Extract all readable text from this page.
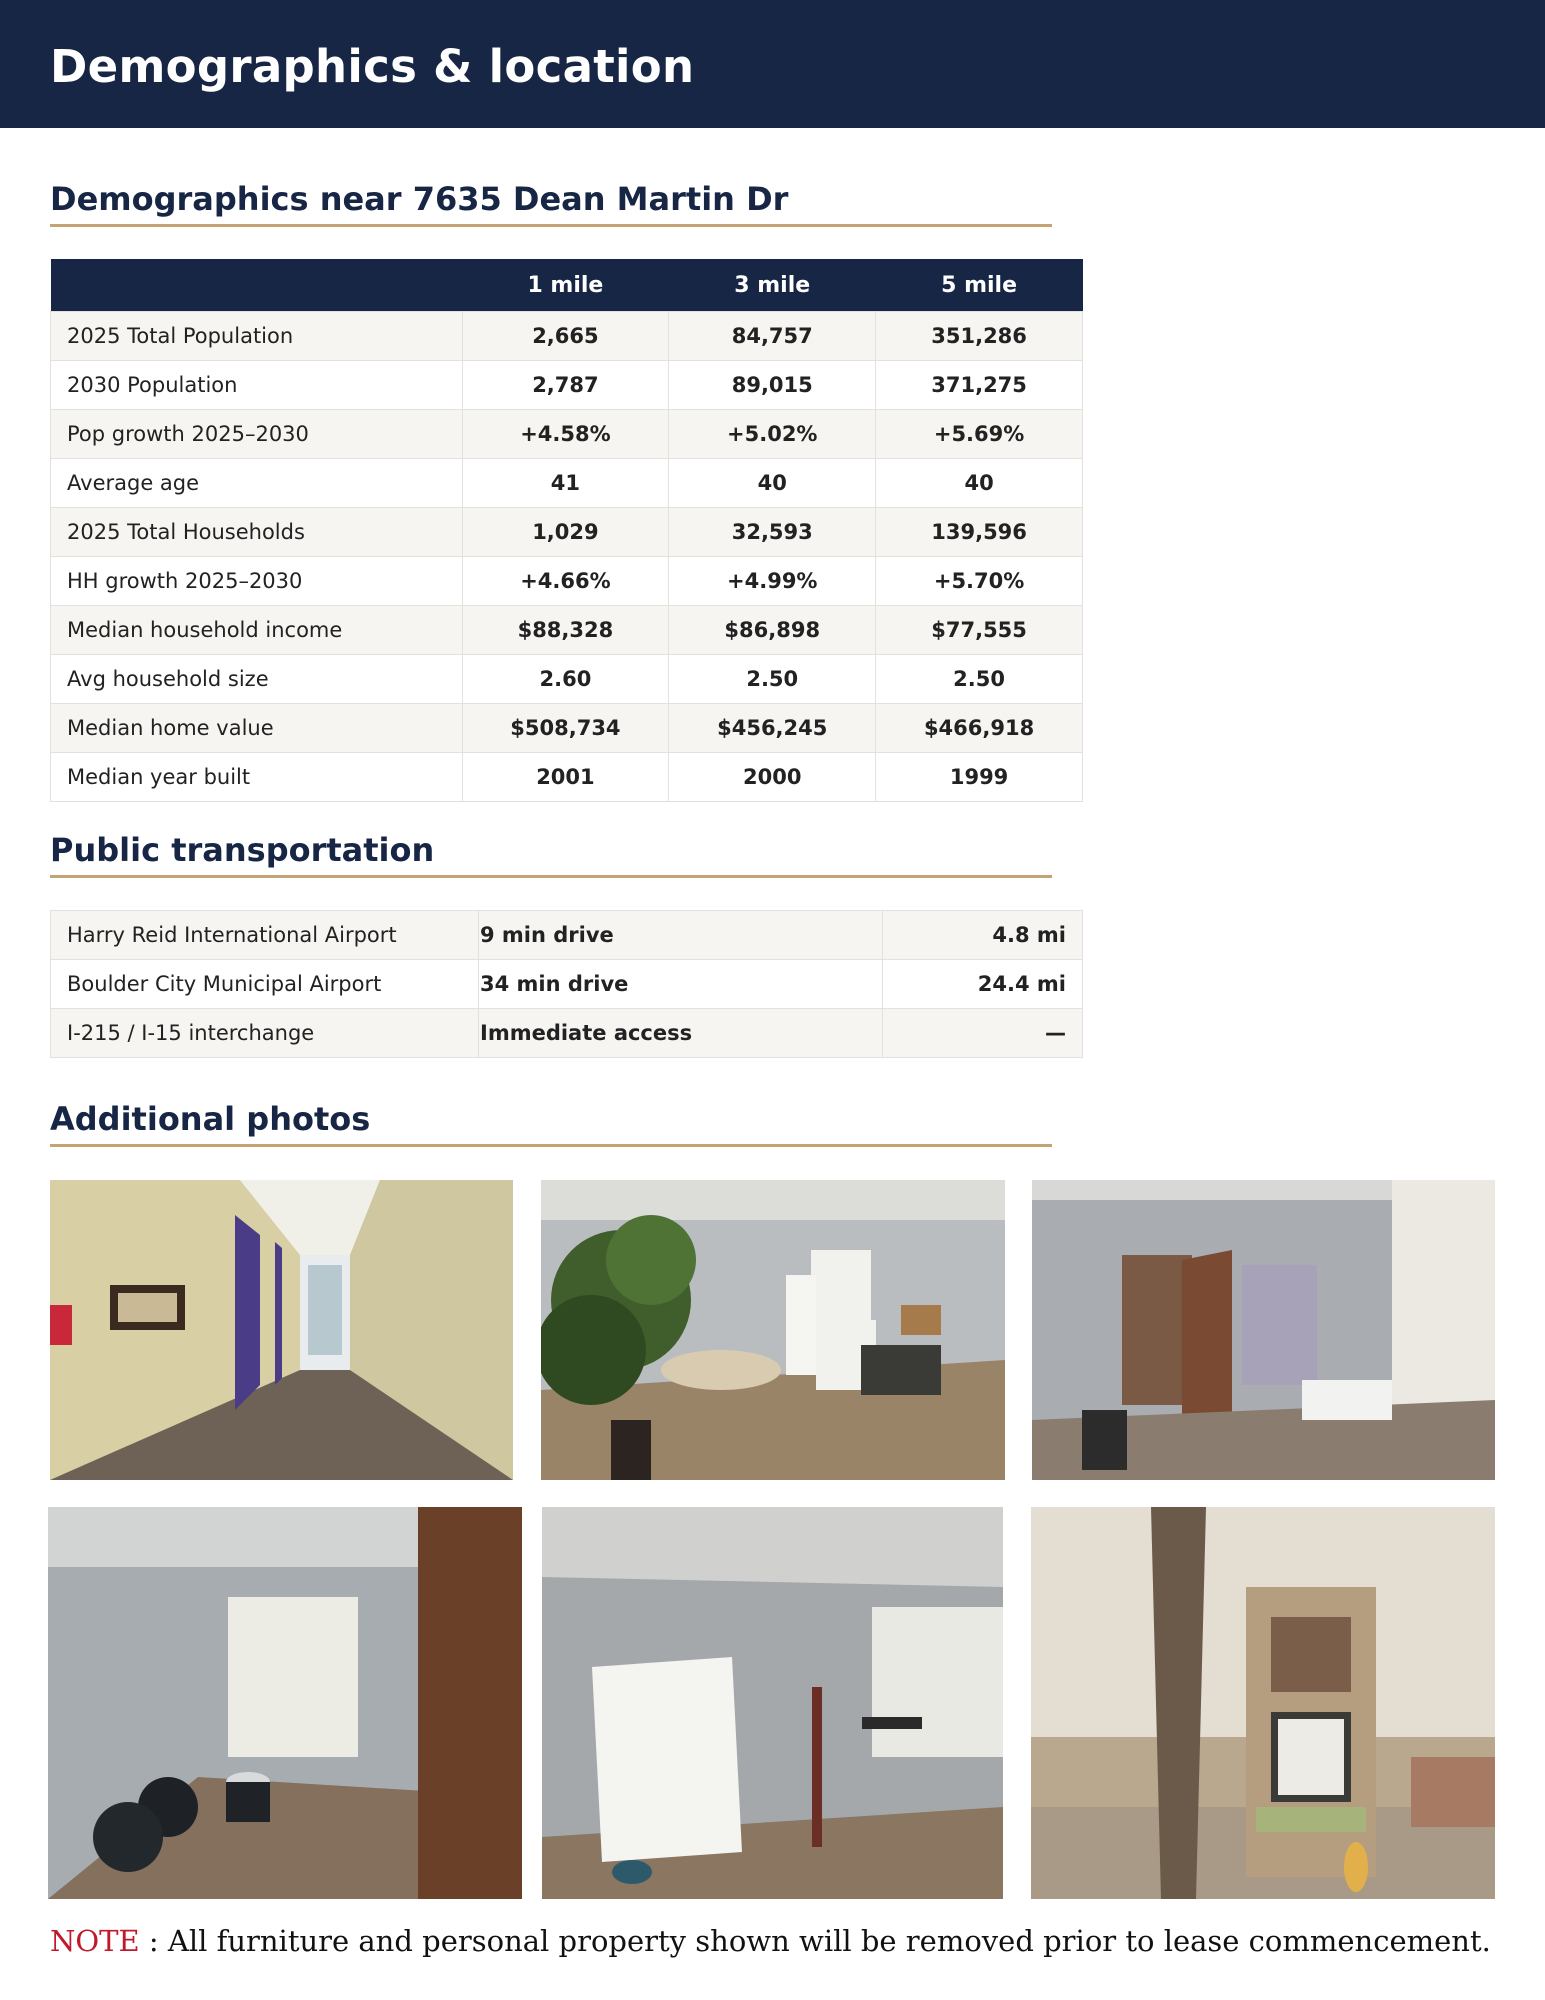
Demographics & location
Demographics near 7635 Dean Martin Dr
	1 mile	3 mile	5 mile
2025 Total Population	2,665	84,757	351,286
2030 Population	2,787	89,015	371,275
Pop growth 2025–2030	+4.58%	+5.02%	+5.69%
Average age	41	40	40
2025 Total Households	1,029	32,593	139,596
HH growth 2025–2030	+4.66%	+4.99%	+5.70%
Median household income	$88,328	$86,898	$77,555
Avg household size	2.60	2.50	2.50
Median home value	$508,734	$456,245	$466,918
Median year built	2001	2000	1999
Public transportation
Harry Reid International Airport	9 min drive	4.8 mi
Boulder City Municipal Airport	34 min drive	24.4 mi
I-215 / I-15 interchange	Immediate access	—
Additional photos
NOTE : All furniture and personal property shown will be removed prior to lease commencement.
